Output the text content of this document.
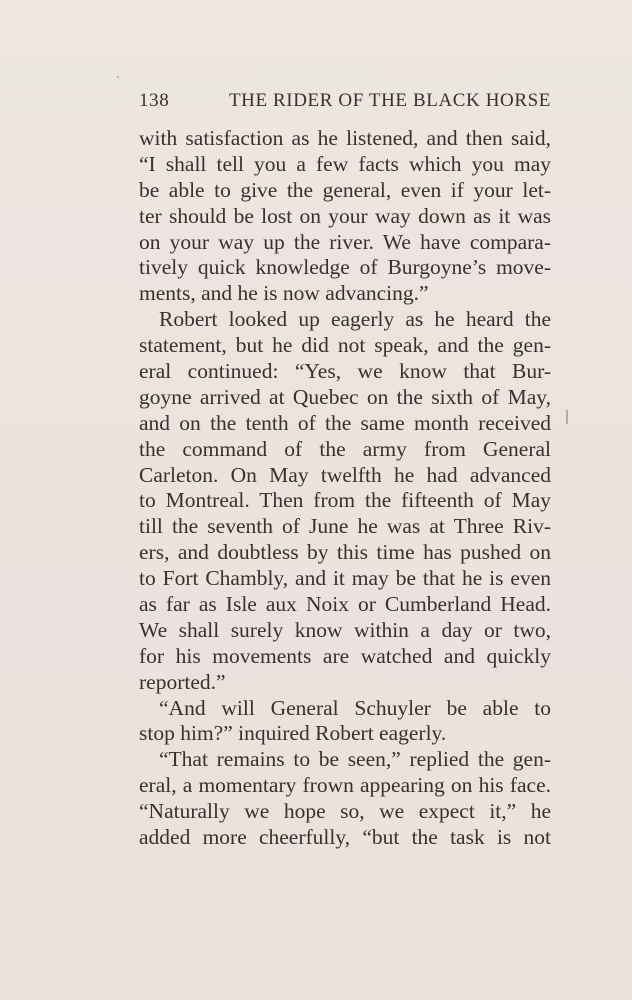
138	THE RIDER OF THE BLACK HORSE
with satisfaction as he listened, and then said,
“I shall tell you a few facts which you may
be able to give the general, even if your let-
ter should be lost on your way down as it was
on your way up the river. We have compara-
tively quick knowledge of Burgoyne’s move-
ments, and he is now advancing.”
Robert looked up eagerly as he heard the
statement, but he did not speak, and the gen-
eral continued: “Yes, we know that Bur-
goyne arrived at Quebec on the sixth of May,
and on the tenth of the same month received
the command of the army from General
Carleton. On May twelfth he had advanced
to Montreal. Then from the fifteenth of May
till the seventh of June he was at Three Riv-
ers, and doubtless by this time has pushed on
to Fort Chambly, and it may be that he is even
as far as Isle aux Noix or Cumberland Head.
We shall surely know within a day or two,
for his movements are watched and quickly
reported.”
“And will General Schuyler be able to
stop him?” inquired Robert eagerly.
“That remains to be seen,” replied the gen-
eral, a momentary frown appearing on his face.
“Naturally we hope so, we expect it,” he
added more cheerfully, “but the task is not
